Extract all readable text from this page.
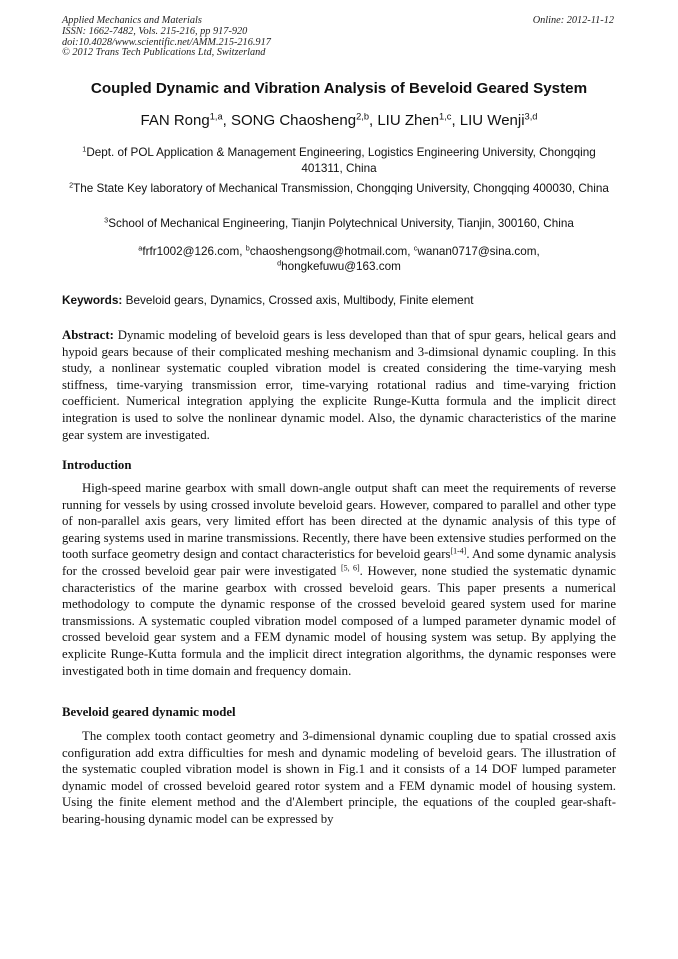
Applied Mechanics and Materials
ISSN: 1662-7482, Vols. 215-216, pp 917-920
doi:10.4028/www.scientific.net/AMM.215-216.917
© 2012 Trans Tech Publications Ltd, Switzerland
Online: 2012-11-12
Coupled Dynamic and Vibration Analysis of Beveloid Geared System
FAN Rong$^{1,a}$, SONG Chaosheng$^{2,b}$, LIU Zhen$^{1,c}$, LIU Wenji$^{3,d}$
$^1$Dept. of POL Application & Management Engineering, Logistics Engineering University, Chongqing 401311, China
$^2$The State Key laboratory of Mechanical Transmission, Chongqing University, Chongqing 400030, China
$^3$School of Mechanical Engineering, Tianjin Polytechnical University, Tianjin, 300160, China
$^a$frfr1002@126.com, $^b$chaoshengsong@hotmail.com, $^c$wanan0717@sina.com,
$^d$hongkefuwu@163.com
Keywords: Beveloid gears, Dynamics, Crossed axis, Multibody, Finite element
Abstract: Dynamic modeling of beveloid gears is less developed than that of spur gears, helical gears and hypoid gears because of their complicated meshing mechanism and 3-dimsional dynamic coupling. In this study, a nonlinear systematic coupled vibration model is created considering the time-varying mesh stiffness, time-varying transmission error, time-varying rotational radius and time-varying friction coefficient. Numerical integration applying the explicite Runge-Kutta formula and the implicit direct integration is used to solve the nonlinear dynamic model. Also, the dynamic characteristics of the marine gear system are investigated.
Introduction
High-speed marine gearbox with small down-angle output shaft can meet the requirements of reverse running for vessels by using crossed involute beveloid gears. However, compared to parallel and other type of non-parallel axis gears, very limited effort has been directed at the dynamic analysis of this type of gearing systems used in marine transmissions. Recently, there have been extensive studies performed on the tooth surface geometry design and contact characteristics for beveloid gears[1-4]. And some dynamic analysis for the crossed beveloid gear pair were investigated [5, 6]. However, none studied the systematic dynamic characteristics of the marine gearbox with crossed beveloid gears. This paper presents a numerical methodology to compute the dynamic response of the crossed beveloid geared system used for marine transmissions. A systematic coupled vibration model composed of a lumped parameter dynamic model of crossed beveloid gear system and a FEM dynamic model of housing system was setup. By applying the explicite Runge-Kutta formula and the implicit direct integration algorithms, the dynamic responses were investigated both in time domain and frequency domain.
Beveloid geared dynamic model
The complex tooth contact geometry and 3-dimensional dynamic coupling due to spatial crossed axis configuration add extra difficulties for mesh and dynamic modeling of beveloid gears. The illustration of the systematic coupled vibration model is shown in Fig.1 and it consists of a 14 DOF lumped parameter dynamic model of crossed beveloid geared rotor system and a FEM dynamic model of housing system. Using the finite element method and the d'Alembert principle, the equations of the coupled gear-shaft-bearing-housing dynamic model can be expressed by
